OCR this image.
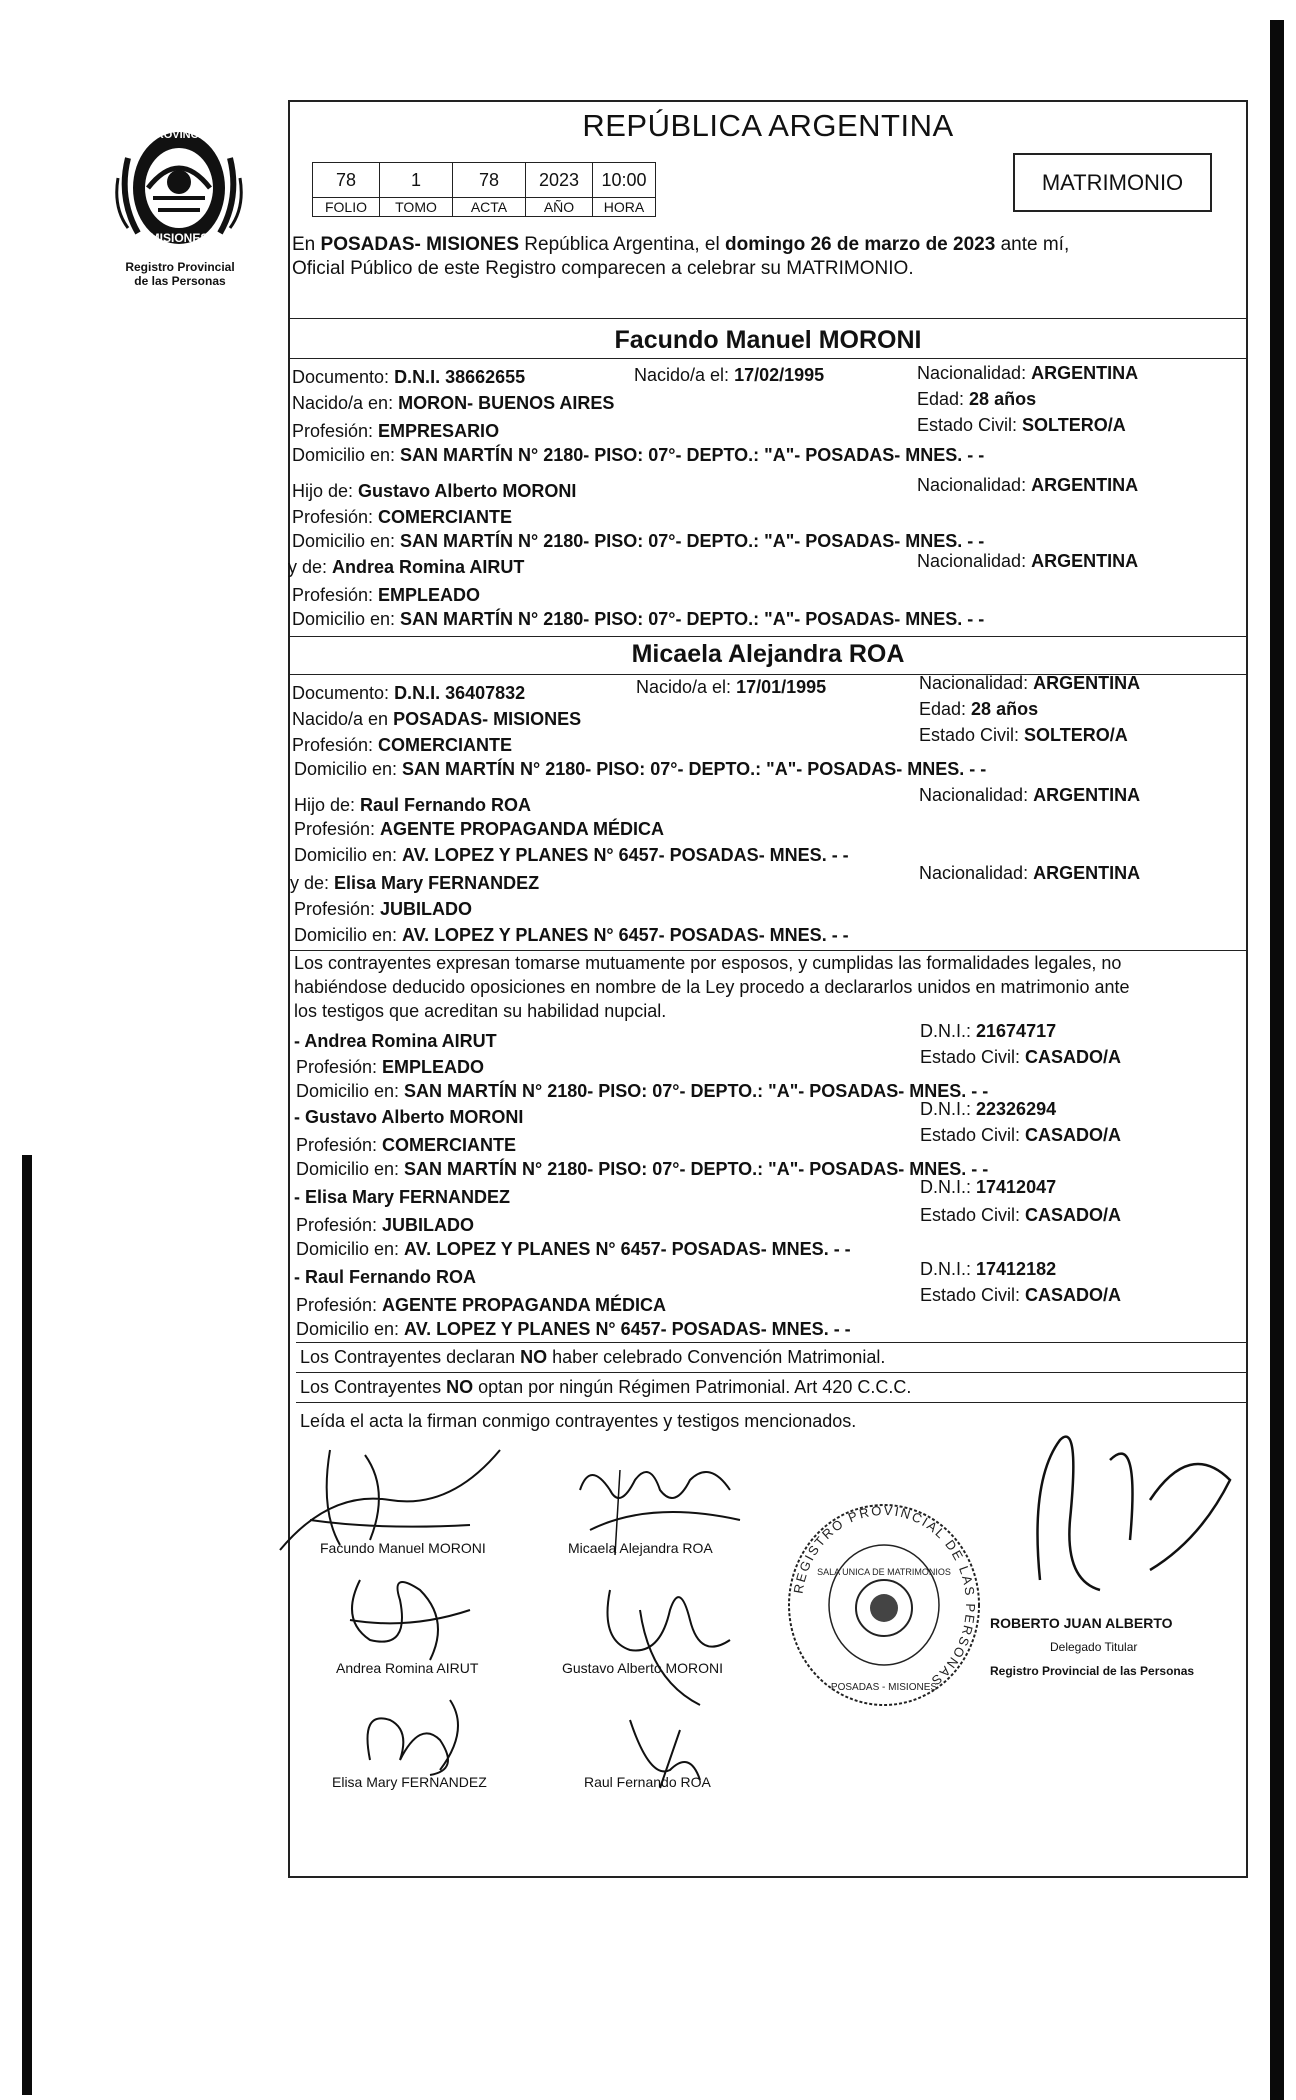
PROVINCIA
MISIONES
Registro Provincial
de las Personas
REPÚBLICA ARGENTINA
78	1	78	2023	10:00
FOLIO	TOMO	ACTA	AÑO	HORA
MATRIMONIO
En POSADAS- MISIONES República Argentina, el domingo 26 de marzo de 2023 ante mí,
Oficial Público de este Registro comparecen a celebrar su MATRIMONIO.
Facundo Manuel MORONI
Documento: D.N.I. 38662655	Nacido/a el: 17/02/1995	Nacionalidad: ARGENTINA
Nacido/a en: MORON- BUENOS AIRES	Edad: 28 años
Profesión: EMPRESARIO	Estado Civil: SOLTERO/A
Domicilio en: SAN MARTÍN N° 2180- PISO: 07°- DEPTO.: "A"- POSADAS- MNES. - -
Hijo de: Gustavo Alberto MORONI	Nacionalidad: ARGENTINA
Profesión: COMERCIANTE
Domicilio en: SAN MARTÍN N° 2180- PISO: 07°- DEPTO.: "A"- POSADAS- MNES. - -
y de: Andrea Romina AIRUT	Nacionalidad: ARGENTINA
Profesión: EMPLEADO
Domicilio en: SAN MARTÍN N° 2180- PISO: 07°- DEPTO.: "A"- POSADAS- MNES. - -
Micaela Alejandra ROA
Documento: D.N.I. 36407832	Nacido/a el: 17/01/1995	Nacionalidad: ARGENTINA
Nacido/a en POSADAS- MISIONES	Edad: 28 años
Profesión: COMERCIANTE	Estado Civil: SOLTERO/A
Domicilio en: SAN MARTÍN N° 2180- PISO: 07°- DEPTO.: "A"- POSADAS- MNES. - -
Hijo de: Raul Fernando ROA	Nacionalidad: ARGENTINA
Profesión: AGENTE PROPAGANDA MÉDICA
Domicilio en: AV. LOPEZ Y PLANES N° 6457- POSADAS- MNES. - -
y de: Elisa Mary FERNANDEZ	Nacionalidad: ARGENTINA
Profesión: JUBILADO
Domicilio en: AV. LOPEZ Y PLANES N° 6457- POSADAS- MNES. - -
Los contrayentes expresan tomarse mutuamente por esposos, y cumplidas las formalidades legales, no
habiéndose deducido oposiciones en nombre de la Ley procedo a declararlos unidos en matrimonio ante
los testigos que acreditan su habilidad nupcial.
- Andrea Romina AIRUT	D.N.I.: 21674717
Profesión: EMPLEADO	Estado Civil: CASADO/A
Domicilio en: SAN MARTÍN N° 2180- PISO: 07°- DEPTO.: "A"- POSADAS- MNES. - -
- Gustavo Alberto MORONI	D.N.I.: 22326294
Profesión: COMERCIANTE	Estado Civil: CASADO/A
Domicilio en: SAN MARTÍN N° 2180- PISO: 07°- DEPTO.: "A"- POSADAS- MNES. - -
- Elisa Mary FERNANDEZ	D.N.I.: 17412047
Profesión: JUBILADO	Estado Civil: CASADO/A
Domicilio en: AV. LOPEZ Y PLANES N° 6457- POSADAS- MNES. - -
- Raul Fernando ROA	D.N.I.: 17412182
Profesión: AGENTE PROPAGANDA MÉDICA	Estado Civil: CASADO/A
Domicilio en: AV. LOPEZ Y PLANES N° 6457- POSADAS- MNES. - -
Los Contrayentes declaran NO haber celebrado Convención Matrimonial.
Los Contrayentes NO optan por ningún Régimen Patrimonial. Art 420 C.C.C.
Leída el acta la firman conmigo contrayentes y testigos mencionados.
Facundo Manuel MORONI	Micaela Alejandra ROA
Andrea Romina AIRUT	Gustavo Alberto MORONI
Elisa Mary FERNANDEZ	Raul Fernando ROA
REGISTRO PROVINCIAL DE LAS PERSONAS
SALA UNICA DE MATRIMONIOS
POSADAS - MISIONES
ROBERTO JUAN ALBERTO
Delegado Titular
Registro Provincial de las Personas
